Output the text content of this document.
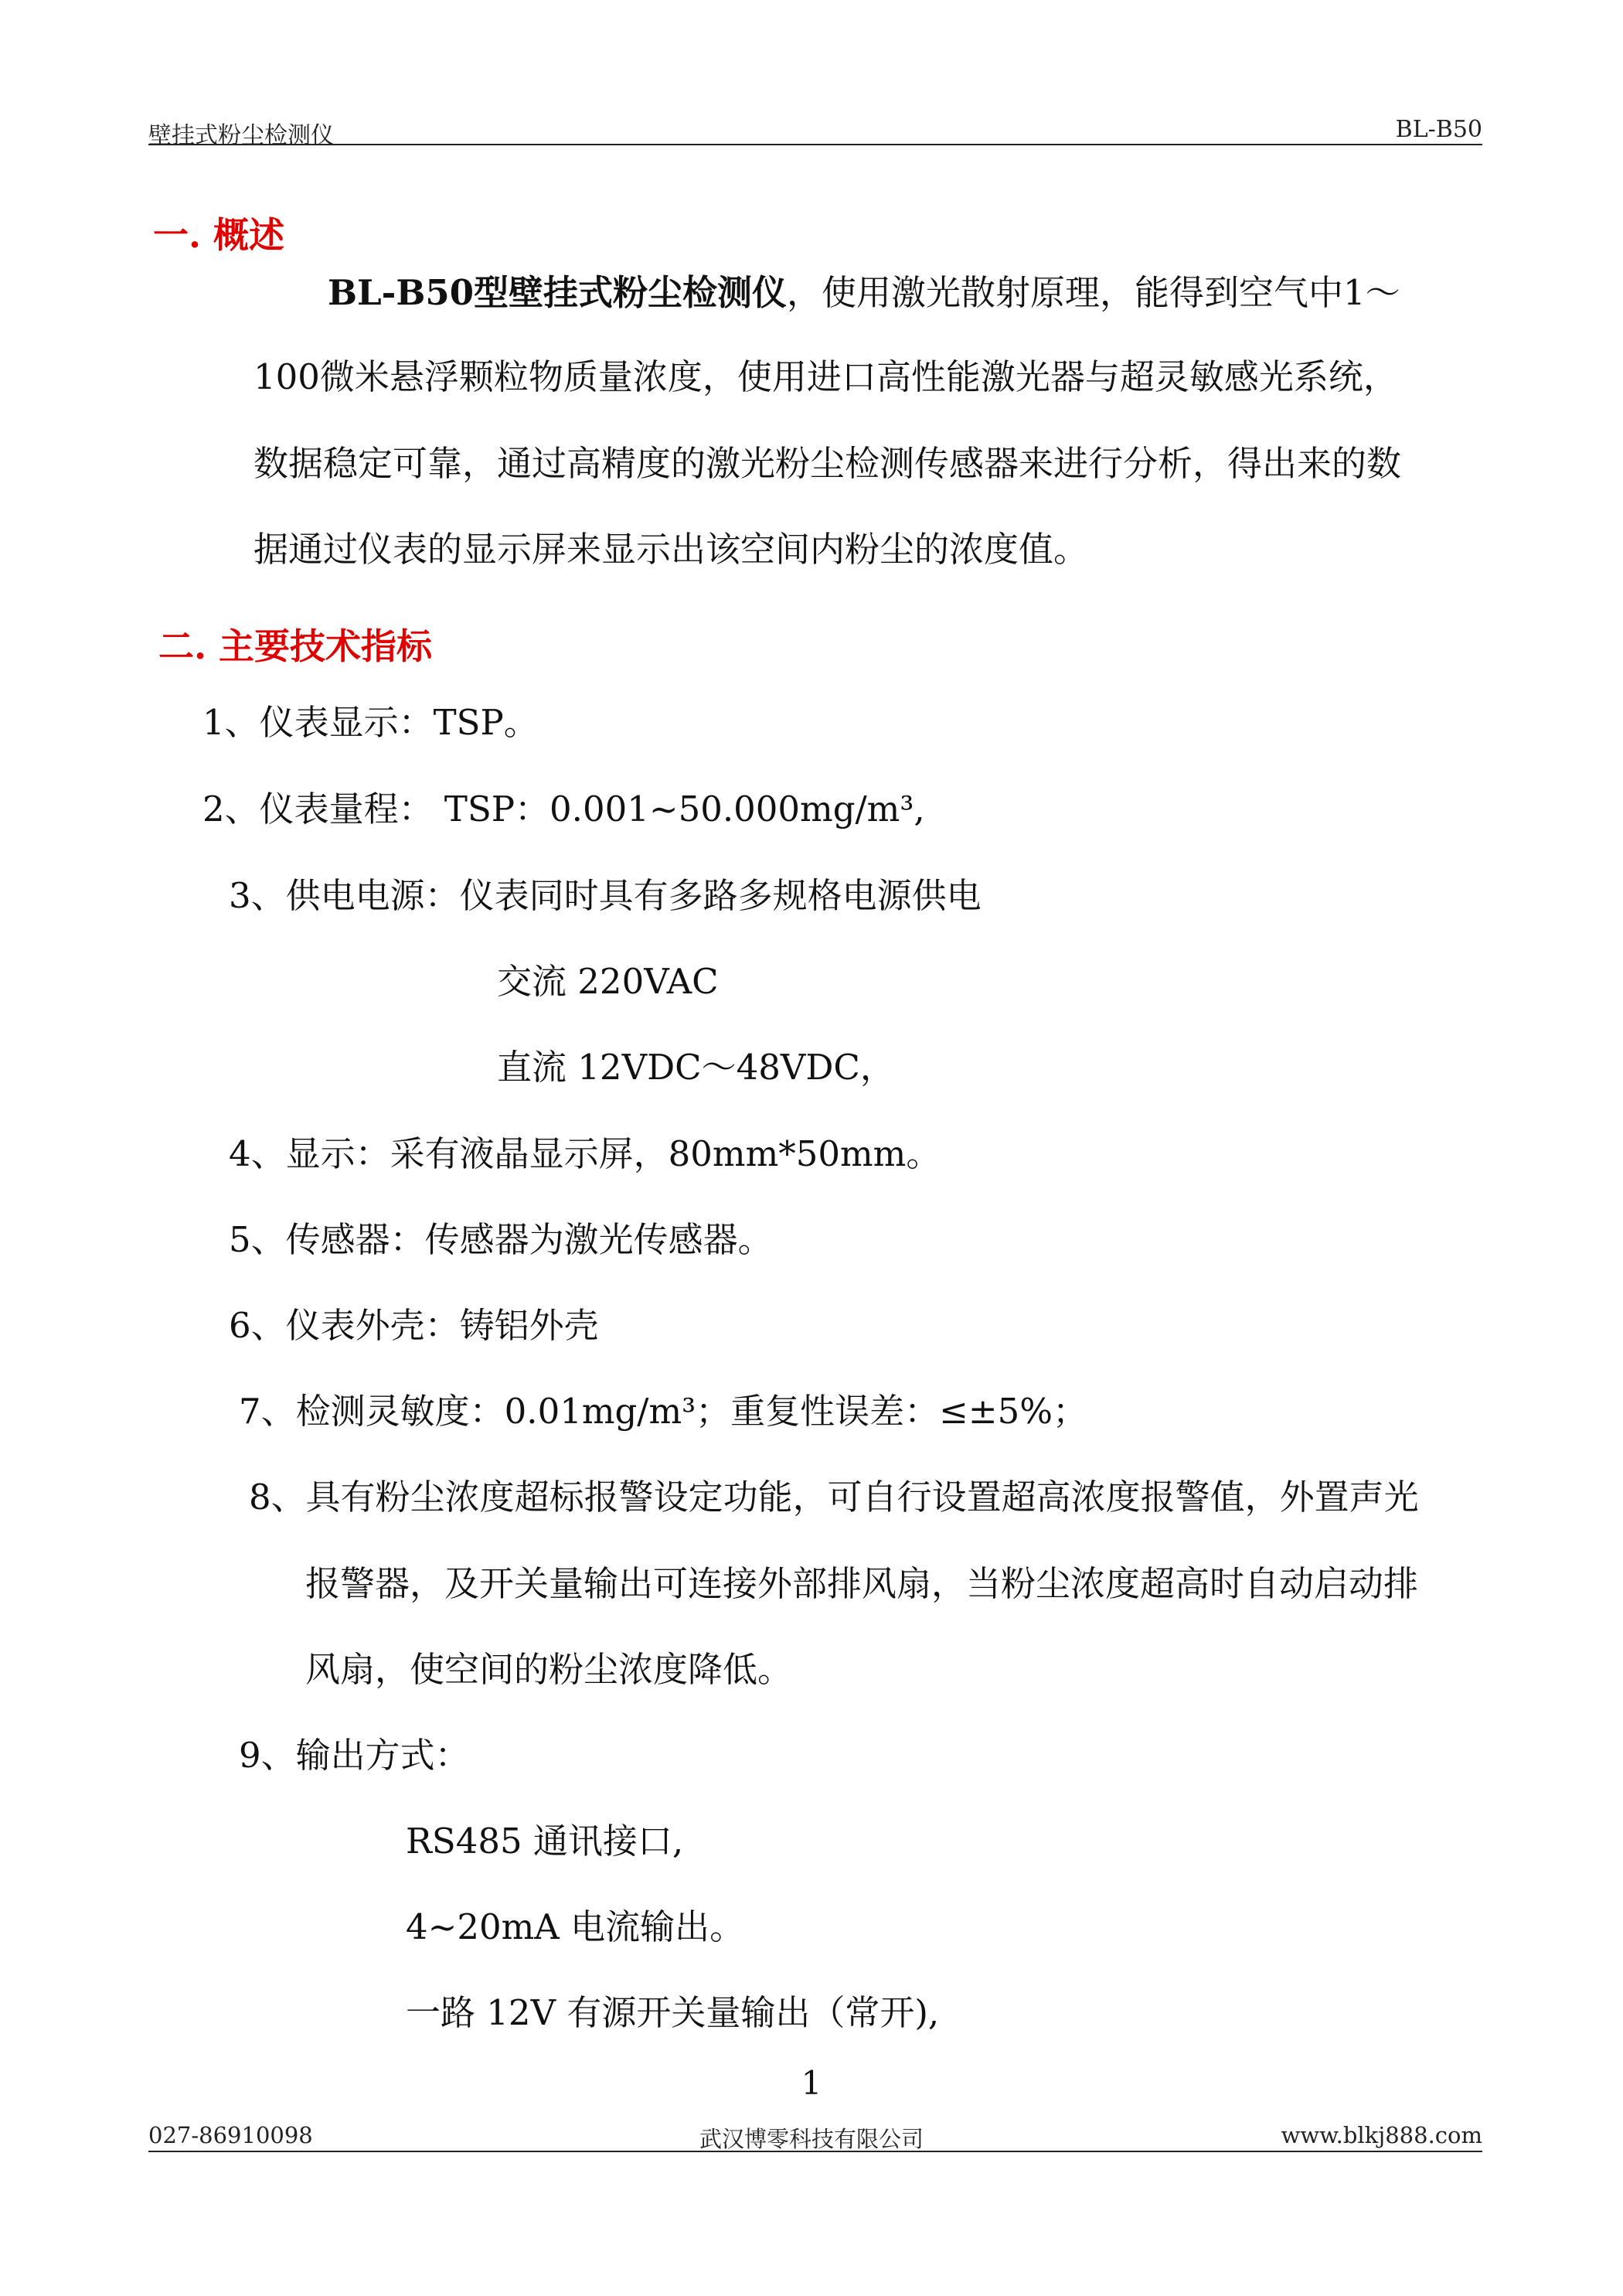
壁挂式粉尘检测仪	BL-B50
一. 概述
BL-B50型壁挂式粉尘检测仪，使用激光散射原理，能得到空气中1～
100微米悬浮颗粒物质量浓度，使用进口高性能激光器与超灵敏感光系统，
数据稳定可靠，通过高精度的激光粉尘检测传感器来进行分析，得出来的数
据通过仪表的显示屏来显示出该空间内粉尘的浓度值。
二. 主要技术指标
1、仪表显示：TSP。
2、仪表量程： TSP：0.001~50.000mg/m³,
3、供电电源：仪表同时具有多路多规格电源供电
交流 220VAC
直流 12VDC～48VDC，
4、显示：采有液晶显示屏，80mm*50mm。
5、传感器：传感器为激光传感器。
6、仪表外壳：铸铝外壳
7、检测灵敏度：0.01mg/m³；重复性误差：≤±5%；
8、具有粉尘浓度超标报警设定功能，可自行设置超高浓度报警值，外置声光
报警器，及开关量输出可连接外部排风扇，当粉尘浓度超高时自动启动排
风扇，使空间的粉尘浓度降低。
9、输出方式：
RS485 通讯接口,
4~20mA 电流输出。
一路 12V 有源开关量输出（常开),
1
027-86910098	武汉博零科技有限公司	www.blkj888.com
